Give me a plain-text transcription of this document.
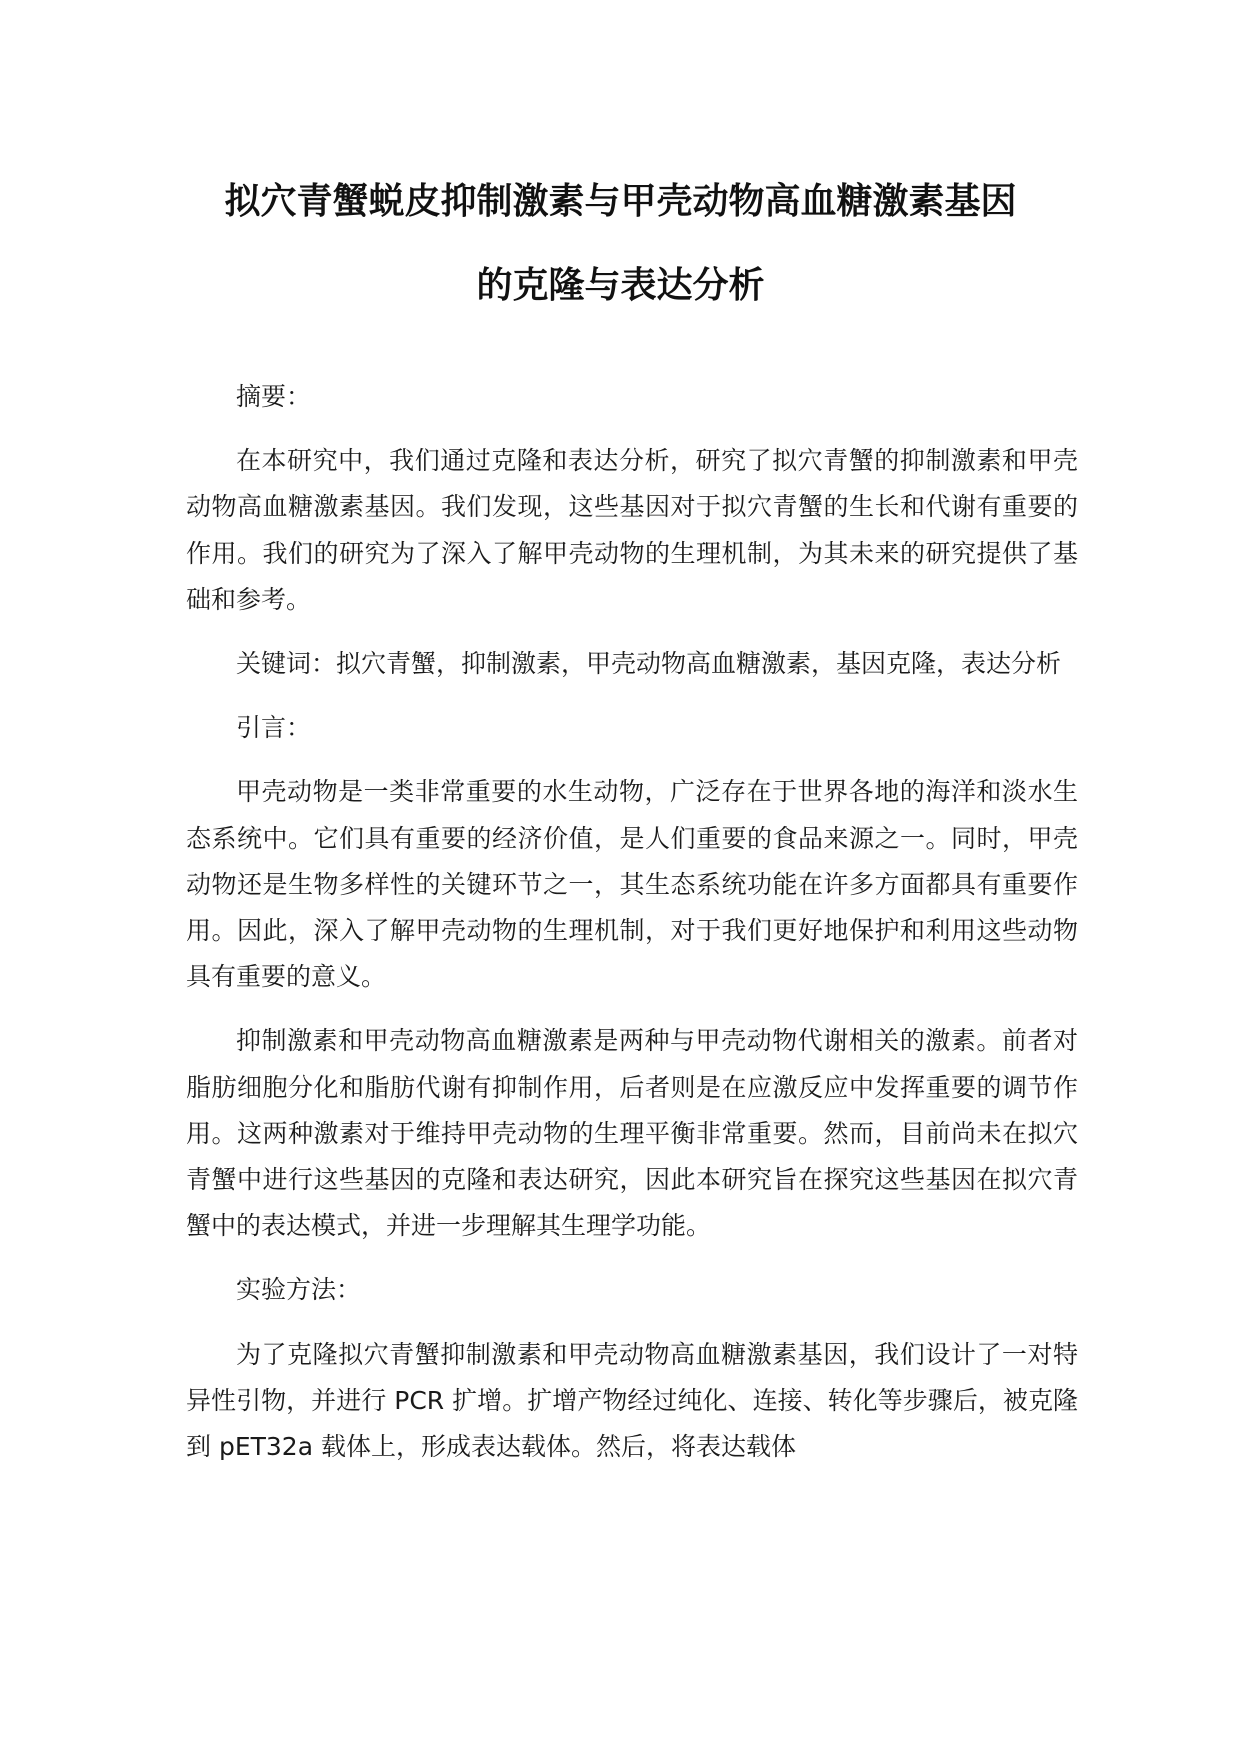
拟穴青蟹蜕皮抑制激素与甲壳动物高血糖激素基因
的克隆与表达分析

摘要：

在本研究中，我们通过克隆和表达分析，研究了拟穴青蟹的抑制激素和甲壳动物高血糖激素基因。我们发现，这些基因对于拟穴青蟹的生长和代谢有重要的作用。我们的研究为了深入了解甲壳动物的生理机制，为其未来的研究提供了基础和参考。

关键词：拟穴青蟹，抑制激素，甲壳动物高血糖激素，基因克隆，表达分析

引言：

甲壳动物是一类非常重要的水生动物，广泛存在于世界各地的海洋和淡水生态系统中。它们具有重要的经济价值，是人们重要的食品来源之一。同时，甲壳动物还是生物多样性的关键环节之一，其生态系统功能在许多方面都具有重要作用。因此，深入了解甲壳动物的生理机制，对于我们更好地保护和利用这些动物具有重要的意义。

抑制激素和甲壳动物高血糖激素是两种与甲壳动物代谢相关的激素。前者对脂肪细胞分化和脂肪代谢有抑制作用，后者则是在应激反应中发挥重要的调节作用。这两种激素对于维持甲壳动物的生理平衡非常重要。然而，目前尚未在拟穴青蟹中进行这些基因的克隆和表达研究，因此本研究旨在探究这些基因在拟穴青蟹中的表达模式，并进一步理解其生理学功能。

实验方法：

为了克隆拟穴青蟹抑制激素和甲壳动物高血糖激素基因，我们设计了一对特异性引物，并进行 PCR 扩增。扩增产物经过纯化、连接、转化等步骤后，被克隆到 pET32a 载体上，形成表达载体。然后，将表达载体
